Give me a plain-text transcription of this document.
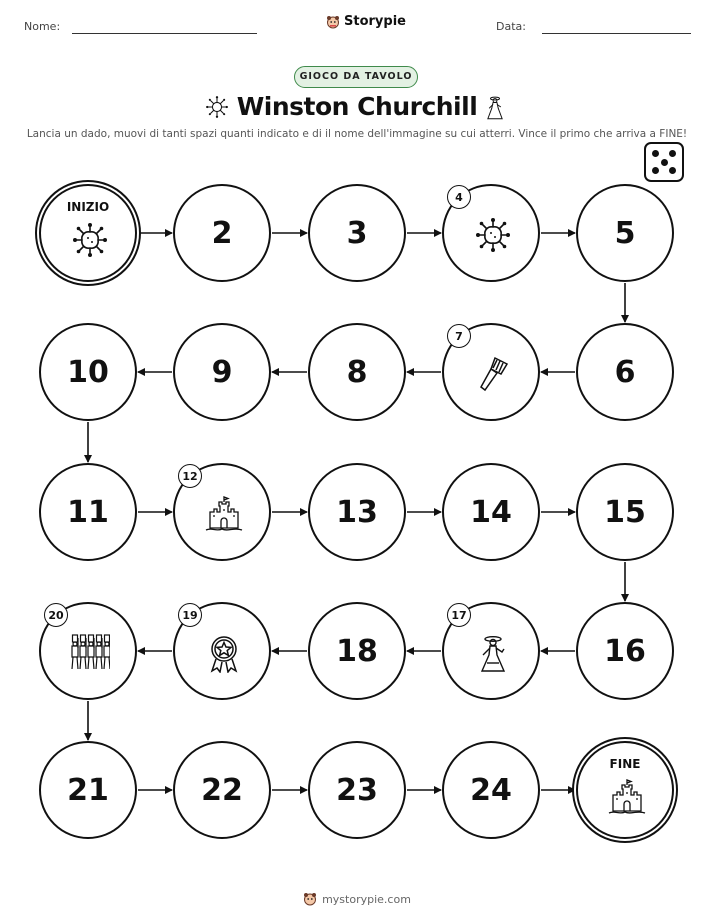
Nome:	Storypie	Data:
GIOCO DA TAVOLO
Winston Churchill
Lancia un dado, muovi di tanti spazi quanti indicato e di il nome dell'immagine su cui atterri. Vince il primo che arriva a FINE!
INIZIO
2	3
4
5
6
7
8
9
10
11
12
13	14	15
16
17
18
19
20
21	22	23	24
FINE
mystorypie.com
